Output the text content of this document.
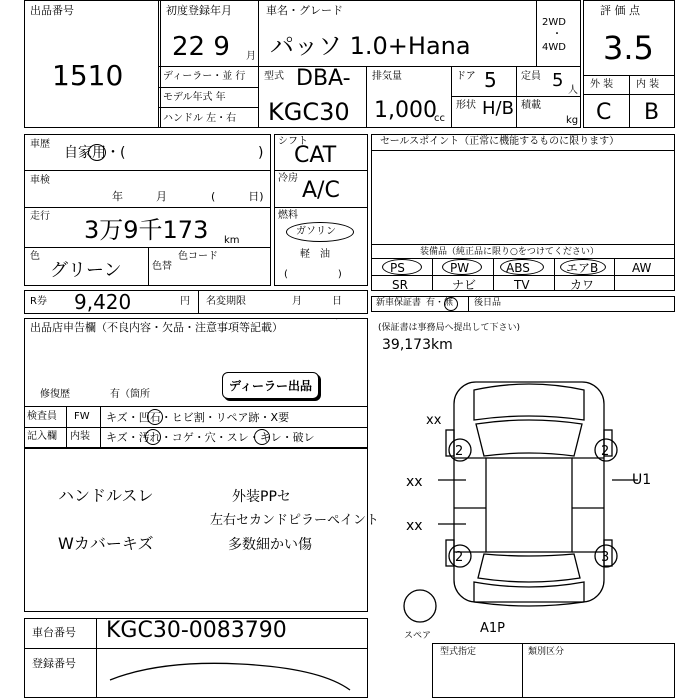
出品番号
1510
初度登録年月
22 9 月
車名・グレード
パッソ 1.0+Hana
2WD
・
4WD
ディーラー・並 行
モデル年式 年
ハンドル 左・右
型式 DBA-
KGC30
排気量
1,000
cc
ドア 5
形状 H/B
定員 5 人
積載
kg
評 価 点
3.5
外 装 内 装
C B
車歴
自家用・(	)
車検
年　　　月　　　　(　　　日)
走行 3万9千173 km
色
グリーン	色替
色コード
シフト
CAT
冷房 A/C
燃料
ガソリン
軽　油
(　　　　　)
セールスポイント（正常に機能するものに限ります）
装備品（純正品に限り○をつけてください）
PS	PW	ABS	エアB	AW
SR	ナビ	TV	カワ
R券 9,420	円 名変期限	月　　　日	新車保証書 有・無 後日品
(保証書は事務局へ提出して下さい)
39,173km
出品店申告欄（不良内容・欠品・注意事項等記載）
修復歴	有（箇所
ディーラー出品
検査員
記入欄
FW キズ・凹石・ヒビ割・リペア跡・X要
内装 キズ・汚れ・コゲ・穴・スレ・キレ・破レ
ハンドルスレ
Wカバーキズ
外装PPセ
左右セカンドピラーペイント
多数細かい傷
xx
xx
xx
xx
U1
2	2
2	3
A1P
スペア
車台番号 KGC30-0083790
登録番号
型式指定	類別区分
